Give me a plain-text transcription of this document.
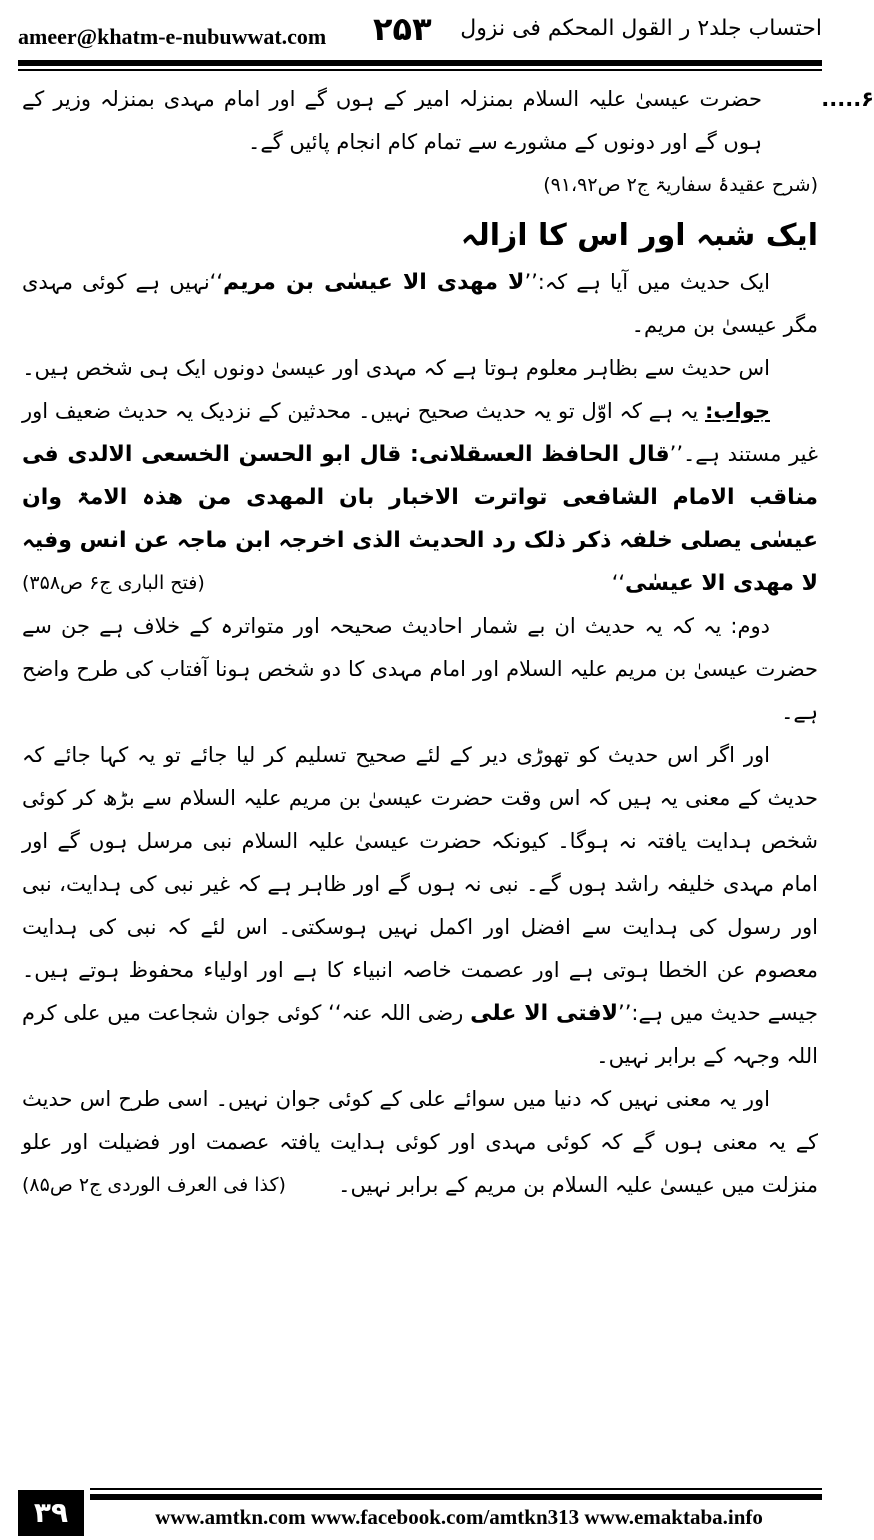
ameer@khatm-e-nubuwwat.com ۲۵۳ احتساب جلد۲ ر القول المحکم فی نزول

۶.....حضرت عیسیٰ علیہ السلام بمنزلہ امیر کے ہوں گے اور امام مہدی بمنزلہ وزیر کے ہوں گے اور دونوں کے مشورے سے تمام کام انجام پائیں گے۔

(شرح عقیدۂ سفاریۃ ج۲ ص۹۱،۹۲)

ایک شبہ اور اس کا ازالہ

ایک حدیث میں آیا ہے کہ:’’لا مھدی الا عیسٰی بن مریم‘‘نہیں ہے کوئی مہدی مگر عیسیٰ بن مریم۔

اس حدیث سے بظاہر معلوم ہوتا ہے کہ مہدی اور عیسیٰ دونوں ایک ہی شخص ہیں۔

جواب: یہ ہے کہ اوّل تو یہ حدیث صحیح نہیں۔ محدثین کے نزدیک یہ حدیث ضعیف اور غیر مستند ہے۔’’قال الحافظ العسقلانی: قال ابو الحسن الخسعی الالدی فی مناقب الامام الشافعی تواترت الاخبار بان المھدی من ھذہ الامۃ وان عیسٰی یصلی خلفہ ذکر ذلک رد الحدیث الذی اخرجہ ابن ماجہ عن انس وفیہ لا مھدی الا عیسٰی‘‘
(فتح الباری ج۶ ص۳۵۸)

دوم: یہ کہ یہ حدیث ان بے شمار احادیث صحیحہ اور متواترہ کے خلاف ہے جن سے حضرت عیسیٰ بن مریم علیہ السلام اور امام مہدی کا دو شخص ہونا آفتاب کی طرح واضح ہے۔

اور اگر اس حدیث کو تھوڑی دیر کے لئے صحیح تسلیم کر لیا جائے تو یہ کہا جائے کہ حدیث کے معنی یہ ہیں کہ اس وقت حضرت عیسیٰ بن مریم علیہ السلام سے بڑھ کر کوئی شخص ہدایت یافتہ نہ ہوگا۔ کیونکہ حضرت عیسیٰ علیہ السلام نبی مرسل ہوں گے اور امام مہدی خلیفہ راشد ہوں گے۔ نبی نہ ہوں گے اور ظاہر ہے کہ غیر نبی کی ہدایت، نبی اور رسول کی ہدایت سے افضل اور اکمل نہیں ہوسکتی۔ اس لئے کہ نبی کی ہدایت معصوم عن الخطا ہوتی ہے اور عصمت خاصہ انبیاء کا ہے اور اولیاء محفوظ ہوتے ہیں۔ جیسے حدیث میں ہے:’’لافتی الا علی رضی اللہ عنہ‘‘ کوئی جوان شجاعت میں علی کرم اللہ وجہہ کے برابر نہیں۔

اور یہ معنی نہیں کہ دنیا میں سوائے علی کے کوئی جوان نہیں۔ اسی طرح اس حدیث کے یہ معنی ہوں گے کہ کوئی مہدی اور کوئی ہدایت یافتہ عصمت اور فضیلت اور علو منزلت میں عیسیٰ علیہ السلام بن مریم کے برابر نہیں۔
(کذا فی العرف الوردی ج۲ ص۸۵)

۳۹	www.amtkn.com www.facebook.com/amtkn313 www.emaktaba.info
